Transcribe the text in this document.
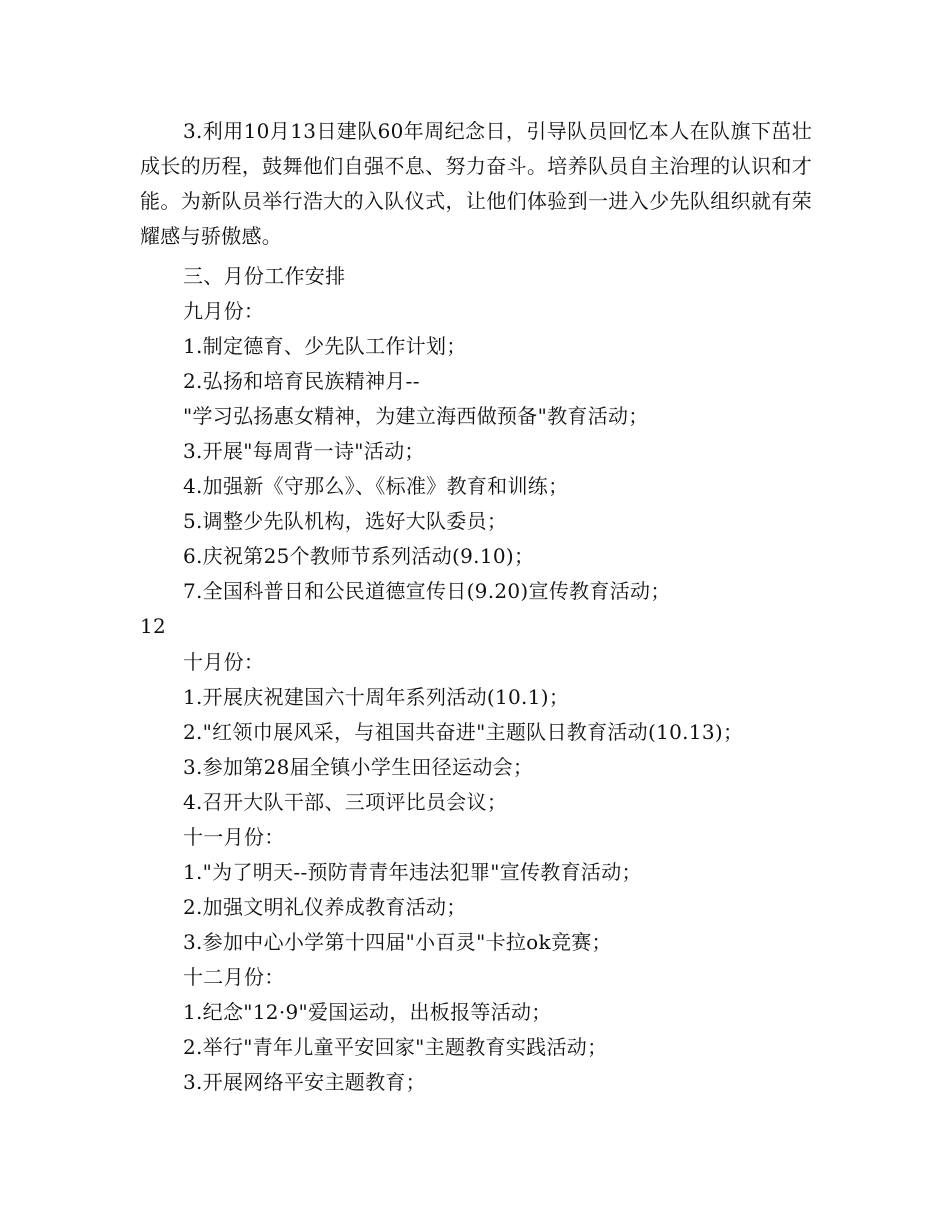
3.利用10月13日建队60年周纪念日，引导队员回忆本人在队旗下茁壮成长的历程，鼓舞他们自强不息、努力奋斗。培养队员自主治理的认识和才能。为新队员举行浩大的入队仪式，让他们体验到一进入少先队组织就有荣耀感与骄傲感。
三、月份工作安排
九月份：
1.制定德育、少先队工作计划；
2.弘扬和培育民族精神月--
"学习弘扬惠女精神，为建立海西做预备"教育活动；
3.开展"每周背一诗"活动；
4.加强新《守那么》、《标准》教育和训练；
5.调整少先队机构，选好大队委员；
6.庆祝第25个教师节系列活动(9.10)；
7.全国科普日和公民道德宣传日(9.20)宣传教育活动；
12
十月份：
1.开展庆祝建国六十周年系列活动(10.1)；
2."红领巾展风采，与祖国共奋进"主题队日教育活动(10.13)；
3.参加第28届全镇小学生田径运动会；
4.召开大队干部、三项评比员会议；
十一月份：
1."为了明天--预防青青年违法犯罪"宣传教育活动；
2.加强文明礼仪养成教育活动；
3.参加中心小学第十四届"小百灵"卡拉ok竞赛；
十二月份：
1.纪念"12·9"爱国运动，出板报等活动；
2.举行"青年儿童平安回家"主题教育实践活动；
3.开展网络平安主题教育；
